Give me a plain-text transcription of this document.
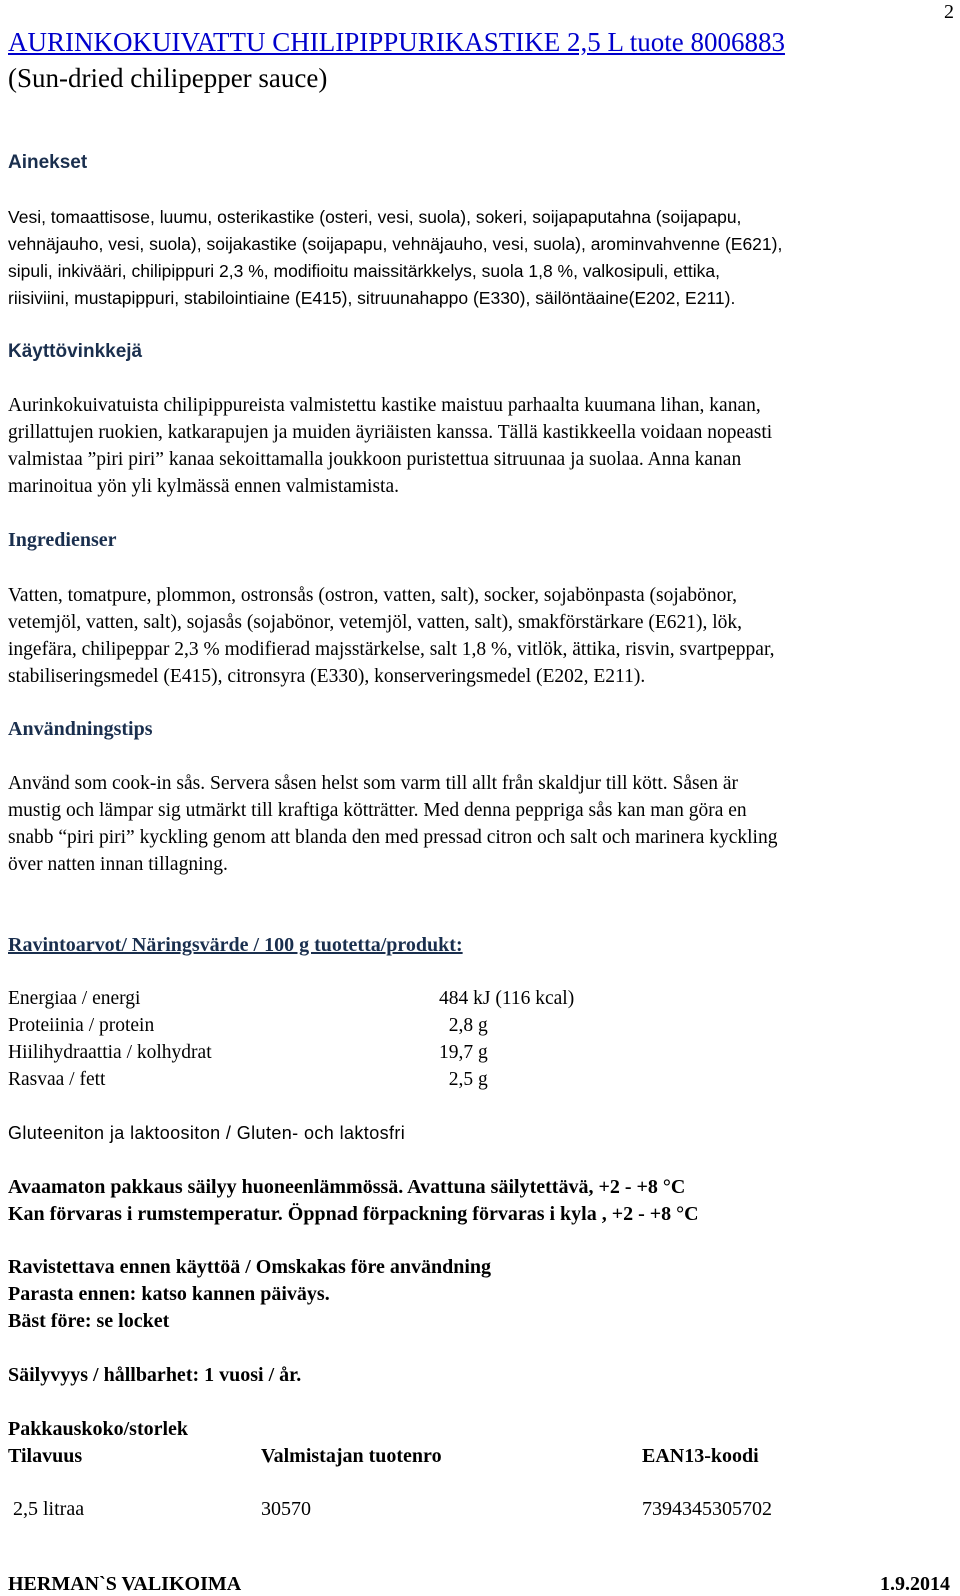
2
AURINKOKUIVATTU CHILIPIPPURIKASTIKE 2,5 L tuote 8006883
(Sun-dried chilipepper sauce)
Ainekset
Vesi, tomaattisose, luumu, osterikastike (osteri, vesi, suola), sokeri, soijapaputahna (soijapapu,
vehnäjauho, vesi, suola), soijakastike (soijapapu, vehnäjauho, vesi, suola), arominvahvenne (E621),
sipuli, inkivääri, chilipippuri 2,3 %, modifioitu maissitärkkelys, suola 1,8 %, valkosipuli, ettika,
riisiviini, mustapippuri, stabilointiaine (E415), sitruunahappo (E330), säilöntäaine(E202, E211).
Käyttövinkkejä
Aurinkokuivatuista chilipippureista valmistettu kastike maistuu parhaalta kuumana lihan, kanan,
grillattujen ruokien, katkarapujen ja muiden äyriäisten kanssa. Tällä kastikkeella voidaan nopeasti
valmistaa ”piri piri” kanaa sekoittamalla joukkoon puristettua sitruunaa ja suolaa. Anna kanan
marinoitua yön yli kylmässä ennen valmistamista.
Ingredienser
Vatten, tomatpure, plommon, ostronsås (ostron, vatten, salt), socker, sojabönpasta (sojabönor,
vetemjöl, vatten, salt), sojasås (sojabönor, vetemjöl, vatten, salt), smakförstärkare (E621), lök,
ingefära, chilipeppar 2,3 % modifierad majsstärkelse, salt 1,8 %, vitlök, ättika, risvin, svartpeppar,
stabiliseringsmedel (E415), citronsyra (E330), konserveringsmedel (E202, E211).
Användningstips
Använd som cook-in sås. Servera såsen helst som varm till allt från skaldjur till kött. Såsen är
mustig och lämpar sig utmärkt till kraftiga kötträtter. Med denna peppriga sås kan man göra en
snabb “piri piri” kyckling genom att blanda den med pressad citron och salt och marinera kyckling
över natten innan tillagning.
Ravintoarvot/ Näringsvärde / 100 g tuotetta/produkt:
Energiaa / energi	484 kJ (116 kcal)
Proteiinia / protein	2,8 g
Hiilihydraattia / kolhydrat	19,7 g
Rasvaa / fett	2,5 g
Gluteeniton ja laktoositon / Gluten- och laktosfri
Avaamaton pakkaus säilyy huoneenlämmössä. Avattuna säilytettävä, +2 - +8 °C
Kan förvaras i rumstemperatur. Öppnad förpackning förvaras i kyla , +2 - +8 °C
Ravistettava ennen käyttöä / Omskakas före användning
Parasta ennen: katso kannen päiväys.
Bäst före: se locket
Säilyvyys / hållbarhet: 1 vuosi / år.
Pakkauskoko/storlek
Tilavuus	Valmistajan tuotenro	EAN13-koodi
2,5 litraa	30570	7394345305702
HERMAN`S VALIKOIMA	1.9.2014
